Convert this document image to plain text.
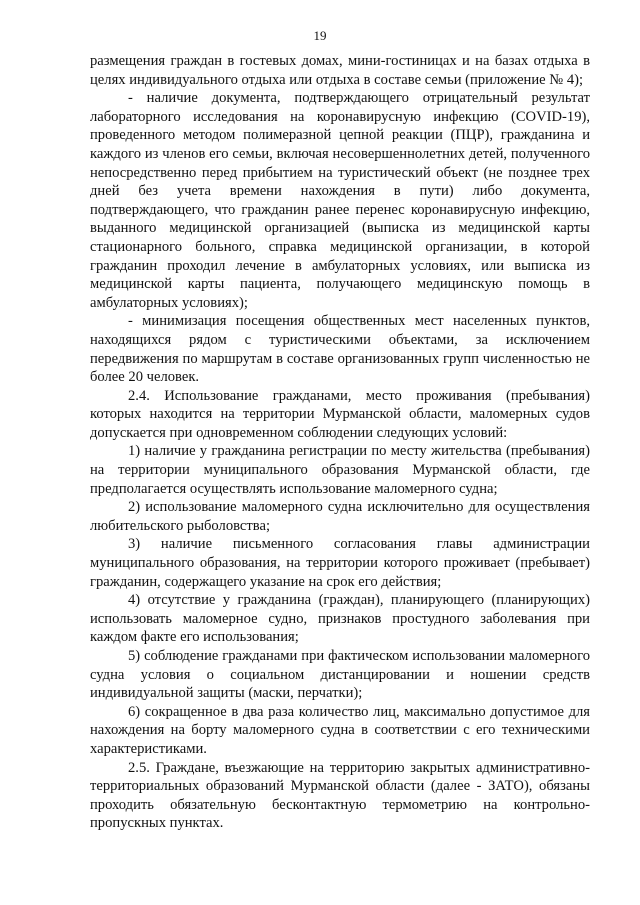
19

размещения граждан в гостевых домах, мини-гостиницах и на базах отдыха в целях индивидуального отдыха или отдыха в составе семьи (приложение № 4);

- наличие документа, подтверждающего отрицательный результат лабораторного исследования на коронавирусную инфекцию (COVID-19), проведенного методом полимеразной цепной реакции (ПЦР), гражданина и каждого из членов его семьи, включая несовершеннолетних детей, полученного непосредственно перед прибытием на туристический объект (не позднее трех дней без учета времени нахождения в пути) либо документа, подтверждающего, что гражданин ранее перенес коронавирусную инфекцию, выданного медицинской организацией (выписка из медицинской карты стационарного больного, справка медицинской организации, в которой гражданин проходил лечение в амбулаторных условиях, или выписка из медицинской карты пациента, получающего медицинскую помощь в амбулаторных условиях);

- минимизация посещения общественных мест населенных пунктов, находящихся рядом с туристическими объектами, за исключением передвижения по маршрутам в составе организованных групп численностью не более 20 человек.

2.4. Использование гражданами, место проживания (пребывания) которых находится на территории Мурманской области, маломерных судов допускается при одновременном соблюдении следующих условий:

1) наличие у гражданина регистрации по месту жительства (пребывания) на территории муниципального образования Мурманской области, где предполагается осуществлять использование маломерного судна;

2) использование маломерного судна исключительно для осуществления любительского рыболовства;

3) наличие письменного согласования главы администрации муниципального образования, на территории которого проживает (пребывает) гражданин, содержащего указание на срок его действия;

4) отсутствие у гражданина (граждан), планирующего (планирующих) использовать маломерное судно, признаков простудного заболевания при каждом факте его использования;

5) соблюдение гражданами при фактическом использовании маломерного судна условия о социальном дистанцировании и ношении средств индивидуальной защиты (маски, перчатки);

6) сокращенное в два раза количество лиц, максимально допустимое для нахождения на борту маломерного судна в соответствии с его техническими характеристиками.

2.5. Граждане, въезжающие на территорию закрытых административно-территориальных образований Мурманской области (далее - ЗАТО), обязаны проходить обязательную бесконтактную термометрию на контрольно-пропускных пунктах.
